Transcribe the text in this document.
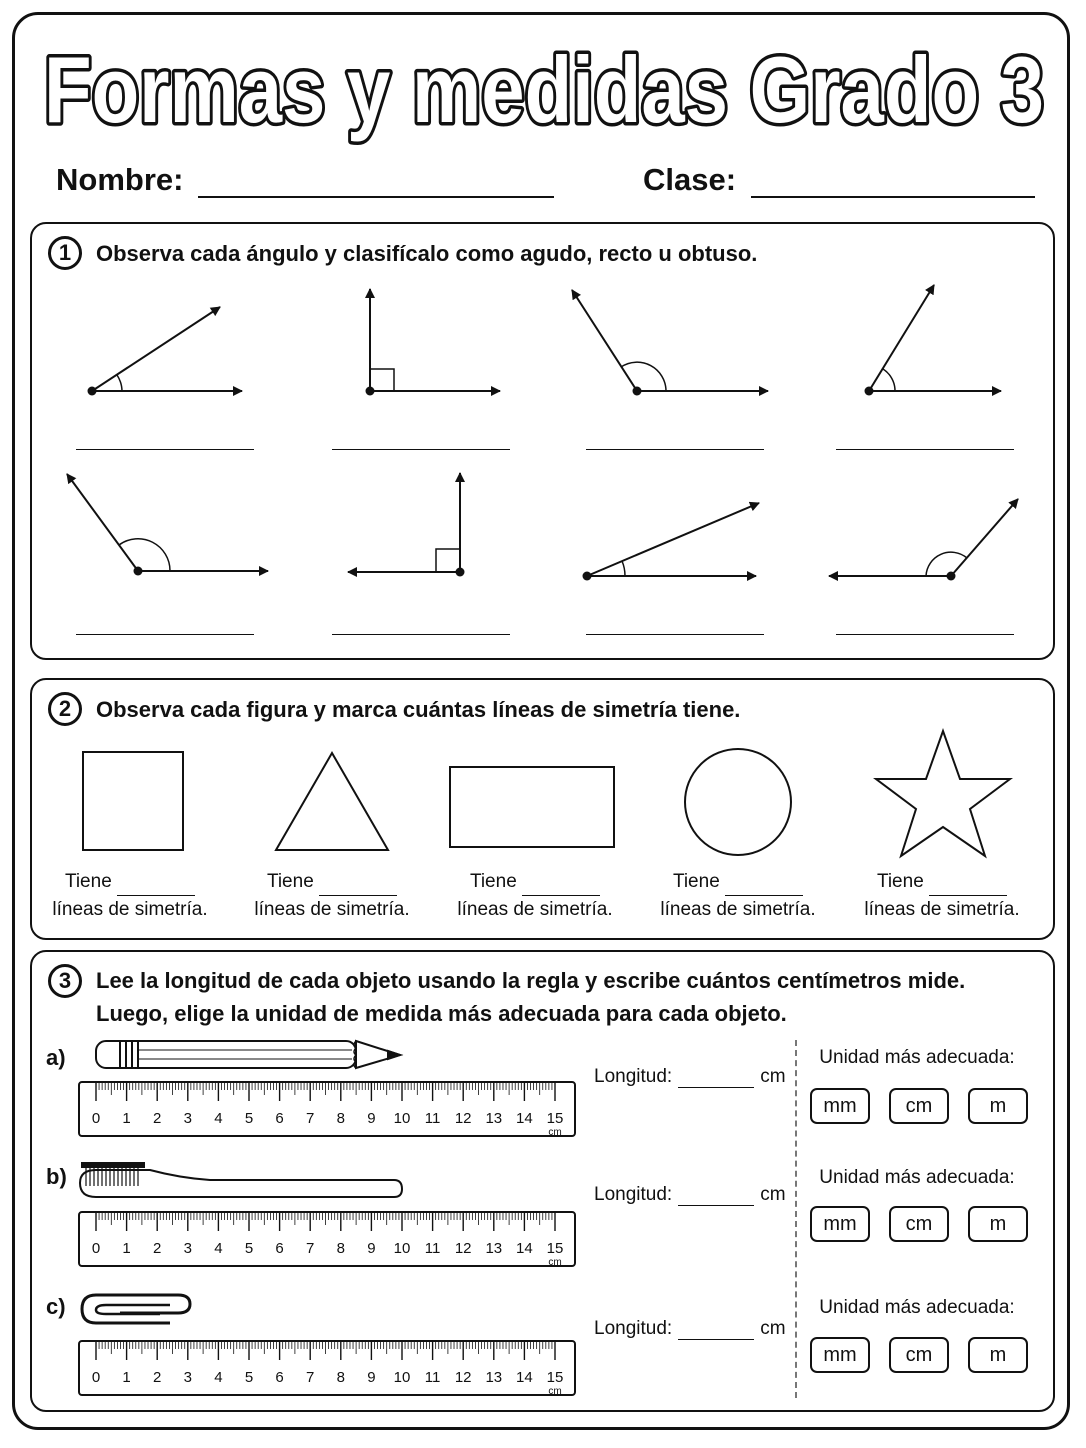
Formas y medidas Grado 3
Nombre:	Clase:
1	Observa cada ángulo y clasifícalo como agudo, recto u obtuso.
2	Observa cada figura y marca cuántas líneas de simetría tiene.
Tiene
líneas de simetría.
Tiene
líneas de simetría.
Tiene
líneas de simetría.
Tiene
líneas de simetría.
Tiene
líneas de simetría.
3	Lee la longitud de cada objeto usando la regla y escribe cuántos centímetros mide.
Luego, elige la unidad de medida más adecuada para cada objeto.
a)
b)
c)
0 1 2 3 4 5 6 7 8 9 10 11 12 13 14 15
cm
0 1 2 3 4 5 6 7 8 9 10 11 12 13 14 15
cm
0 1 2 3 4 5 6 7 8 9 10 11 12 13 14 15
cm
Longitud:	cm
Longitud:	cm
Longitud:	cm
Unidad más adecuada:
mm	cm	m
Unidad más adecuada:
mm	cm	m
Unidad más adecuada:
mm	cm	m
